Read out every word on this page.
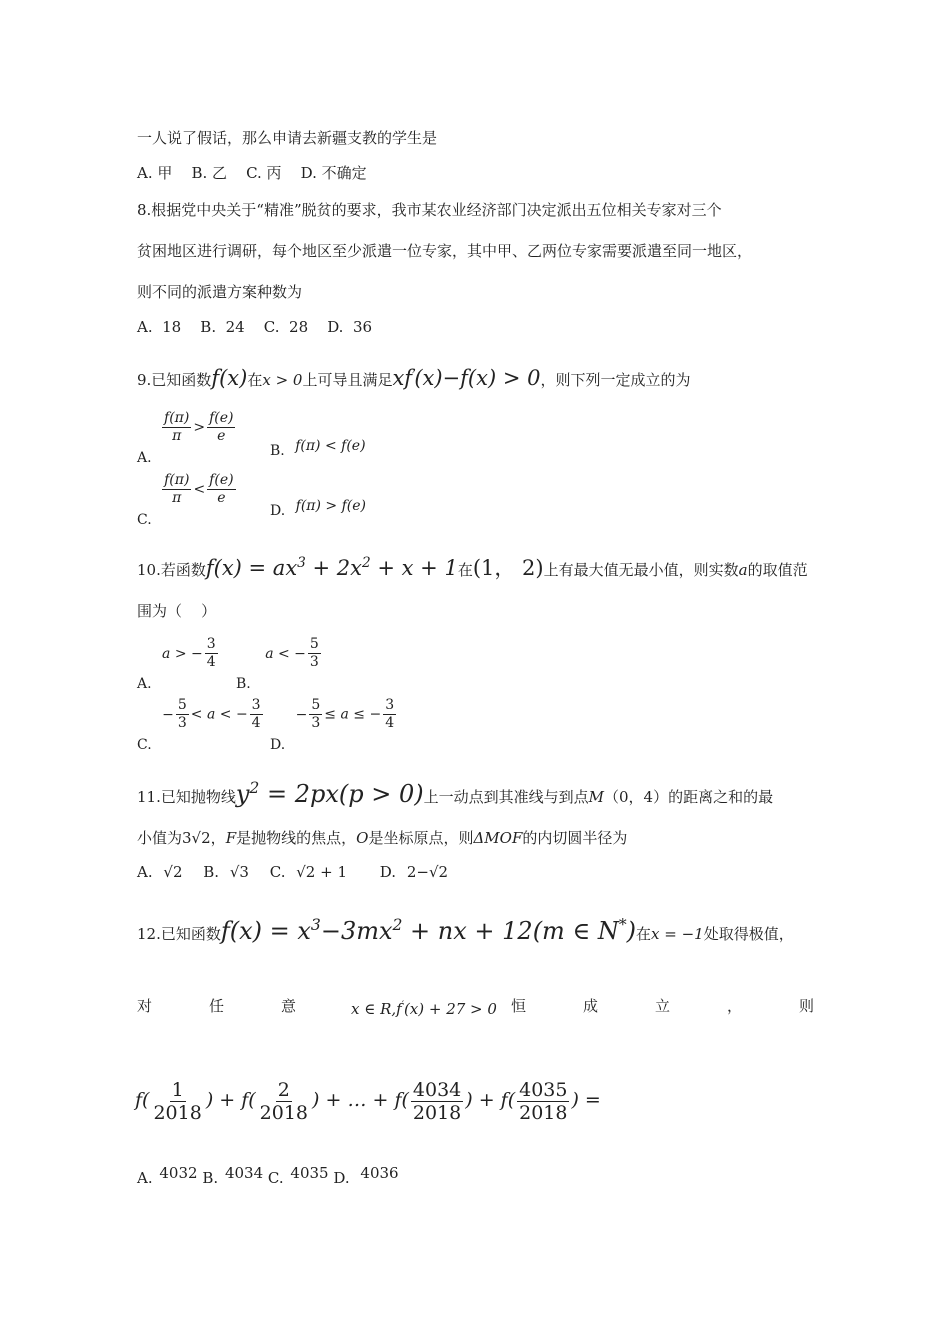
一人说了假话，那么申请去新疆支教的学生是
A. 甲    B. 乙    C. 丙    D. 不确定
8.根据党中央关于“精准”脱贫的要求，我市某农业经济部门决定派出五位相关专家对三个
贫困地区进行调研，每个地区至少派遣一位专家，其中甲、乙两位专家需要派遣至同一地区，
则不同的派遣方案种数为
A.  18    B.  24    C.  28    D.  36
9.已知函数f(x)在x > 0上可导且满足xf′(x)−f(x) > 0，则下列一定成立的为
A.
$\frac{f(\pi)}{\pi} > \frac{f(e)}{e}$
B. f(π) < f(e)
C.
$\frac{f(\pi)}{\pi} < \frac{f(e)}{e}$
D. f(π) > f(e)
10.若函数$f(x) = ax^3 + 2x^2 + x + 1$在(1， 2)上有最大值无最小值，则实数a的取值范
围为（    ）
A. a > − $\frac{3}{4}$
B. a < − $\frac{5}{3}$
C. − $\frac{5}{3} < a$ < − $\frac{3}{4}$
D. − $\frac{5}{3} \le a$ ≤ − $\frac{3}{4}$
11.已知抛物线$y^2 = 2px(p > 0)$上一动点到其准线与到点M（0，4）的距离之和的最
小值为3√2，F是抛物线的焦点，O是坐标原点，则ΔMOF的内切圆半径为
A. √2 B. √3 C. √2 + 1 D. 2−√2
12.已知函数$f(x) = x^3-3mx^2$ + nx + 12(m ∈ N*)在x = −1处取得极值，
对	任	意	x ∈ R,f′(x) + 27 > 0 恒	成	立	，	则
$f( \frac{1}{2018}$ ) + $f( \frac{2}{2018}$ ) + … + $f( \frac{4034}{2018}$ ) + $f( \frac{4035}{2018}$ ) =
A. 4032 B. 4034 C. 4035 D. 4036
